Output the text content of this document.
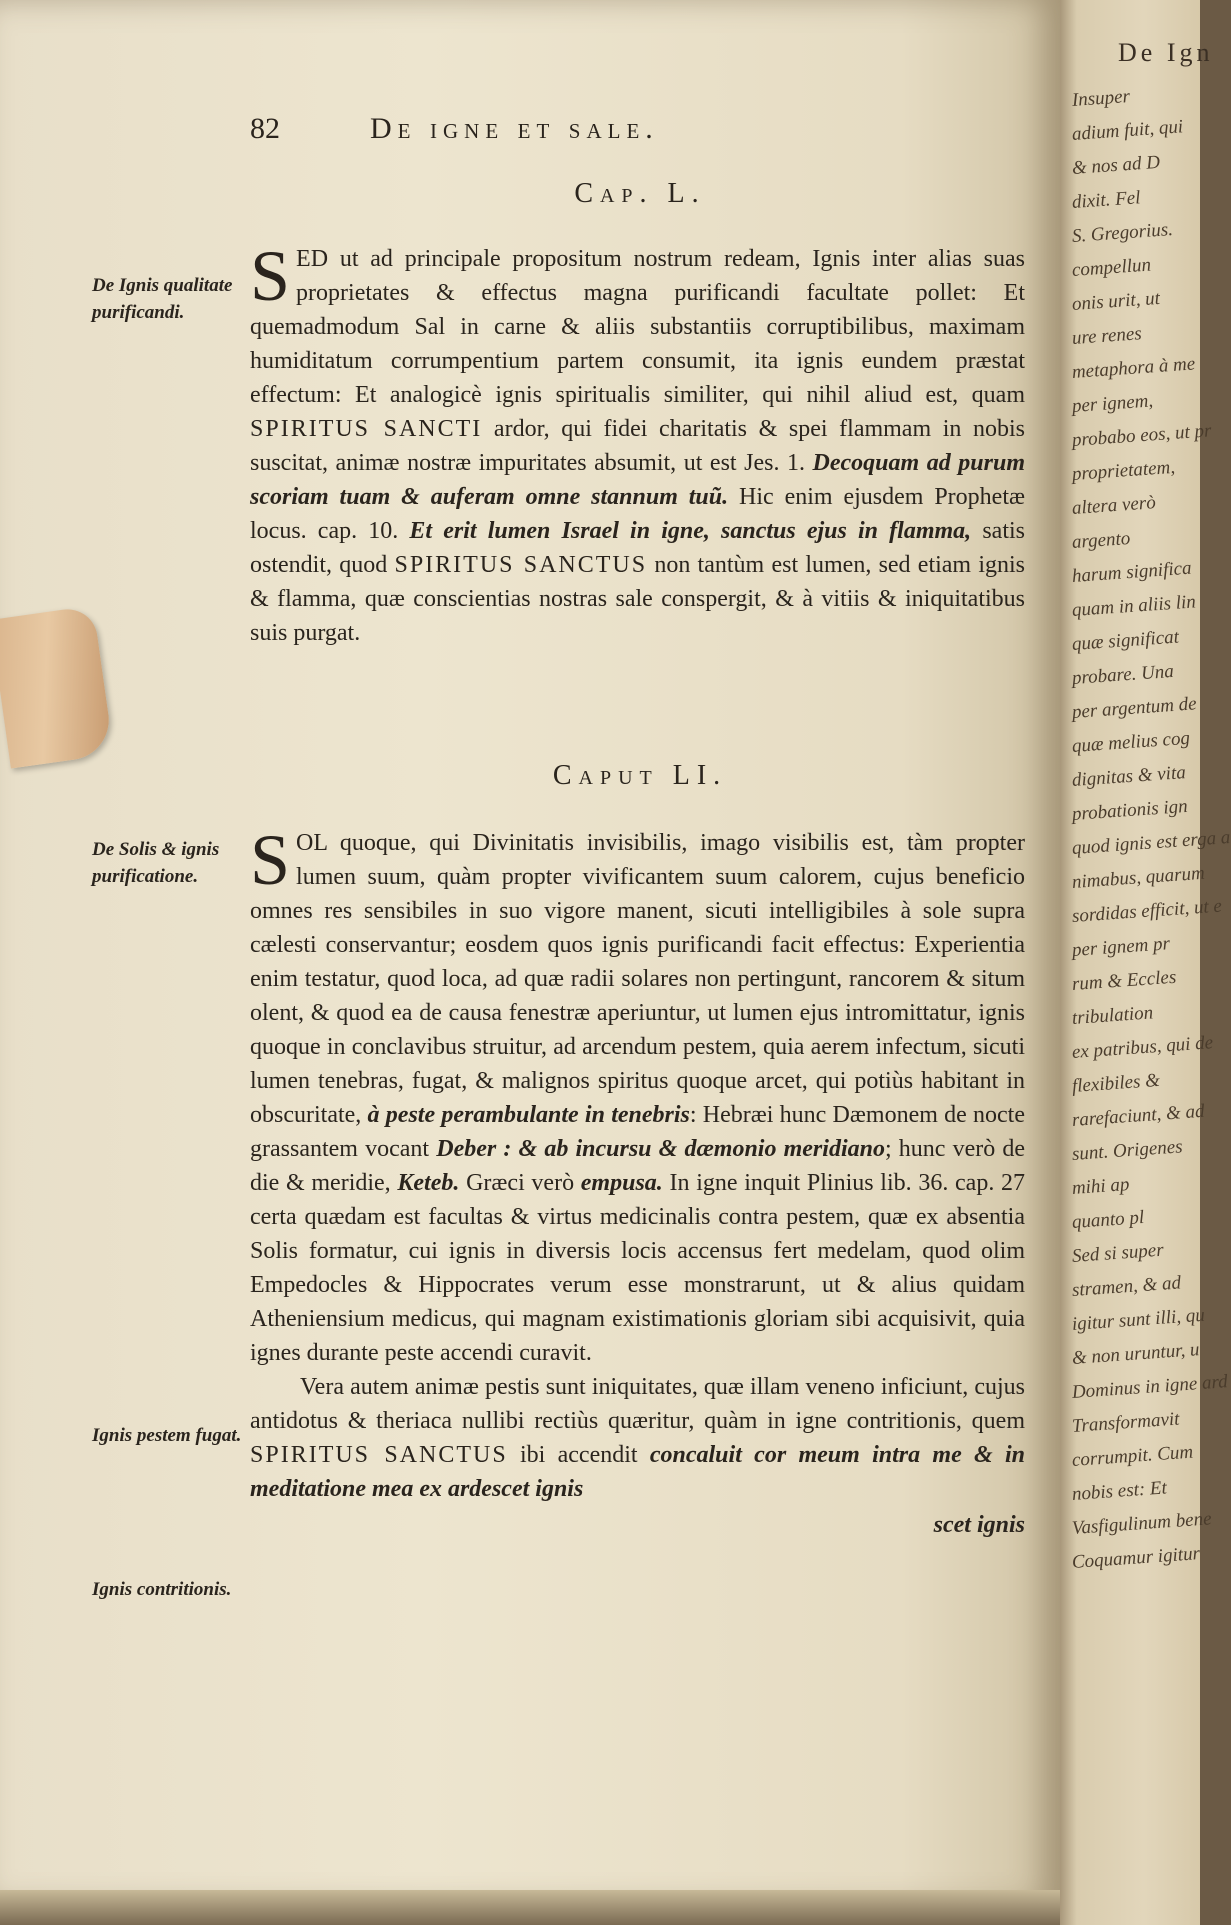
82	De igne et sale.
Cap. L.
De Ignis qualitate purificandi. S ED ut ad principale propositum nostrum redeam, Ignis inter alias suas proprietates & effectus magna purificandi facultate pollet: Et quemadmodum Sal in carne & aliis substantiis corruptibilibus, maximam humiditatum corrumpentium partem consumit, ita ignis eundem præstat effectum: Et analogicè ignis spiritualis similiter, qui nihil aliud est, quam SPIRITUS SANCTI ardor, qui fidei charitatis & spei flammam in nobis suscitat, animæ nostræ impuritates absumit, ut est Jes. 1. Decoquam ad purum scoriam tuam & auferam omne stannum tuũ. Hic enim ejusdem Prophetæ locus. cap. 10. Et erit lumen Israel in igne, sanctus ejus in flamma, satis ostendit, quod SPIRITUS SANCTUS non tantùm est lumen, sed etiam ignis & flamma, quæ conscientias nostras sale conspergit, & à vitiis & iniquitatibus suis purgat.

Caput LI.
De Solis & ignis purificatione.
Ignis pestem fugat.
Ignis contritionis.

S OL quoque, qui Divinitatis invisibilis, imago visibilis est, tàm propter lumen suum, quàm propter vivificantem suum calorem, cujus beneficio omnes res sensibiles in suo vigore manent, sicuti intelligibiles à sole supra cælesti conservantur; eosdem quos ignis purificandi facit effectus: Experientia enim testatur, quod loca, ad quæ radii solares non pertingunt, rancorem & situm olent, & quod ea de causa fenestræ aperiuntur, ut lumen ejus intromittatur, ignis quoque in conclavibus struitur, ad arcendum pestem, quia aerem infectum, sicuti lumen tenebras, fugat, & malignos spiritus quoque arcet, qui potiùs habitant in obscuritate, à peste perambulante in tenebris: Hebræi hunc Dæmonem de nocte grassantem vocant Deber : & ab incursu & dæmonio meridiano; hunc verò de die & meridie, Keteb. Græci verò empusa. In igne inquit Plinius lib. 36. cap. 27 certa quædam est facultas & virtus medicinalis contra pestem, quæ ex absentia Solis formatur, cui ignis in diversis locis accensus fert medelam, quod olim Empedocles & Hippocrates verum esse monstrarunt, ut & alius quidam Atheniensium medicus, qui magnam existimationis gloriam sibi acquisivit, quia ignes durante peste accendi curavit.

Vera autem animæ pestis sunt iniquitates, quæ illam veneno inficiunt, cujus antidotus & theriaca nullibi rectiùs quæritur, quàm in igne contritionis, quem SPIRITUS SANCTUS ibi accendit concaluit cor meum intra me & in meditatione mea ex ardescet ignis

scet ignis
De Ign
Insuper
adium fuit, qui
& nos ad D
dixit. Fel
S. Gregorius.
compellun
onis urit, ut
ure renes
metaphora à me
per ignem,
probabo eos, ut pr
proprietatem,
altera verò
argento
harum significa
quam in aliis lin
quæ significat
probare. Una
per argentum de
quæ melius cog
dignitas & vita
probationis ign
quod ignis est erga a
nimabus, quarum
sordidas efficit, ut e
per ignem pr
rum & Eccles
tribulation
ex patribus, qui de
flexibiles &
rarefaciunt, & ad
sunt. Origenes
mihi ap
quanto pl
Sed si super
stramen, & ad
igitur sunt illi, qu
& non uruntur, u
Dominus in igne ard
Transformavit
corrumpit. Cum
nobis est: Et
Vasfigulinum bene
Coquamur igitur
